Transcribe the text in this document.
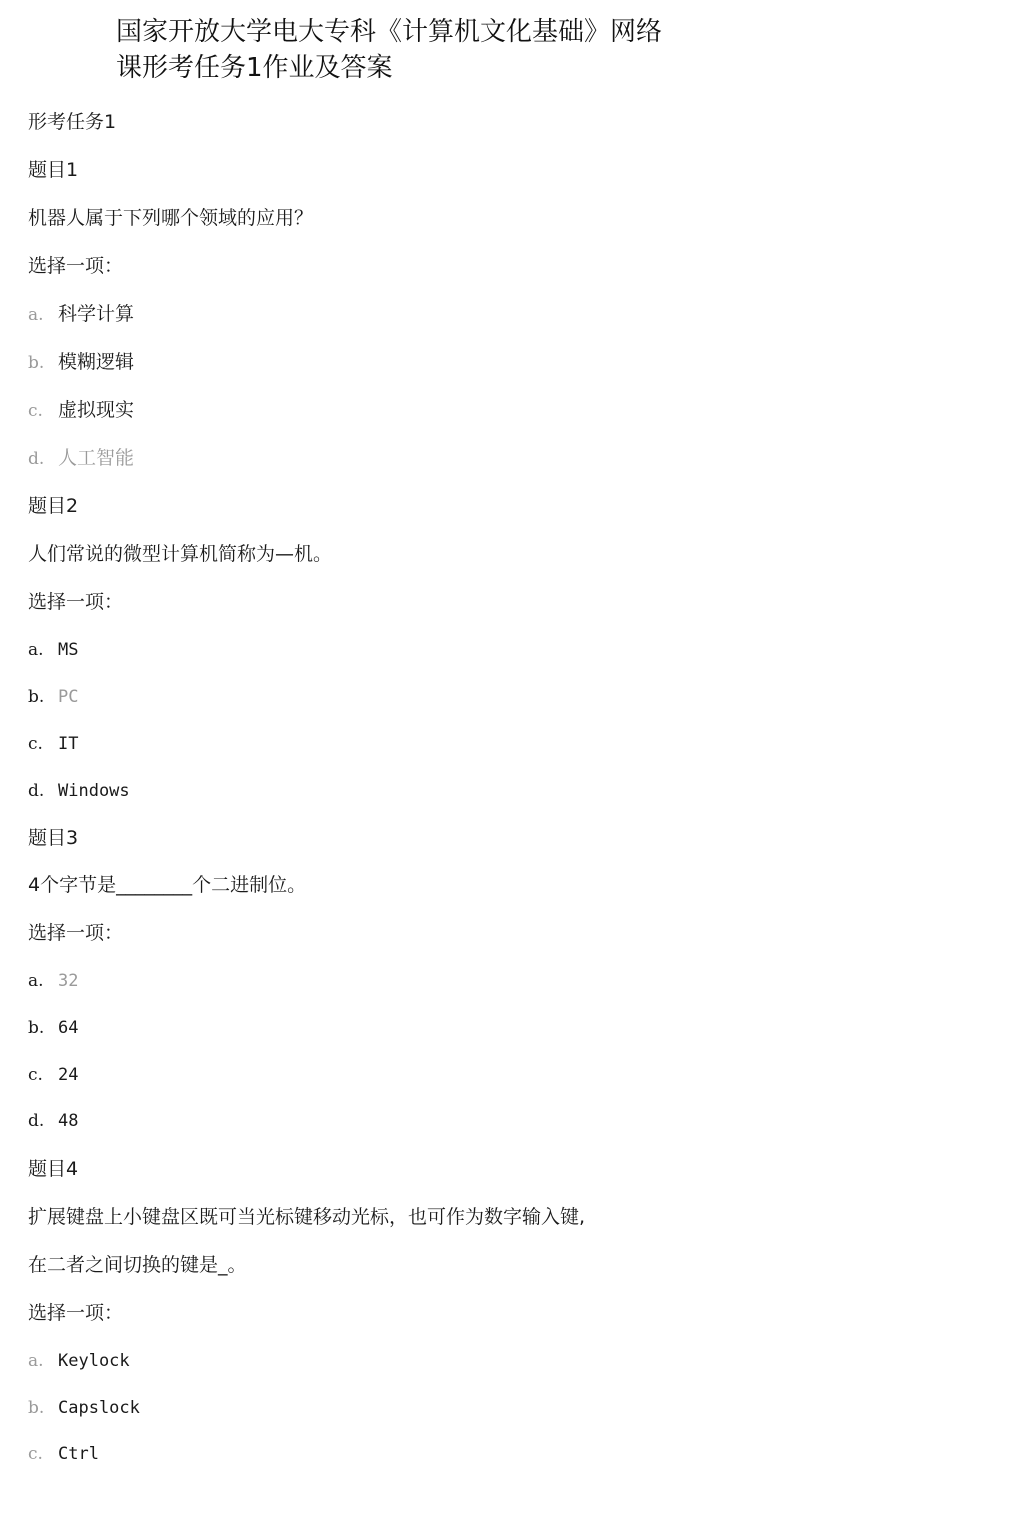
国家开放大学电大专科《计算机文化基础》网络
课形考任务1作业及答案
形考任务1
题目1
机器人属于下列哪个领域的应用？
选择一项：
a. 科学计算
b. 模糊逻辑
c. 虚拟现实
d. 人工智能
题目2
人们常说的微型计算机简称为—机。
选择一项：
a. MS
b. PC
c. IT
d. Windows
题目3
4个字节是________个二进制位。
选择一项：
a. 32
b. 64
c. 24
d. 48
题目4
扩展键盘上小键盘区既可当光标键移动光标，也可作为数字输入键,
在二者之间切换的键是_。
选择一项：
a. Keylock
b. Capslock
c. Ctrl
